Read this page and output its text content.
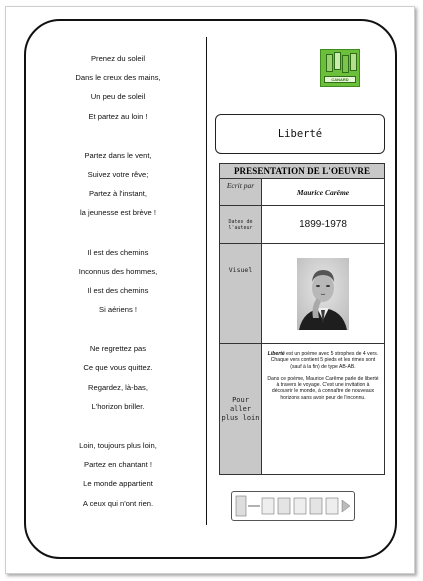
Prenez du soleil
Dans le creux des mains,
Un peu de soleil
Et partez au loin !
Partez dans le vent,
Suivez votre rêve;
Partez à l'instant,
la jeunesse est brève !
Il est des chemins
Inconnus des hommes,
Il est des chemins
Si aériens !
Ne regrettez pas
Ce que vous quittez.
Regardez, là-bas,
L'horizon briller.
Loin, toujours plus loin,
Partez en chantant !
Le monde appartient
A ceux qui n'ont rien.
CANARD
Liberté
PRESENTATION DE L'OEUVRE
Ecrit par
Maurice Carême
Dates de l'auteur	1899-1978
Visuel
Pour aller plus loin

Liberté est un poème avec 5 strophes de 4 vers. Chaque vers contient 5 pieds et les rimes sont (sauf à la fin) de type AB-AB.

Dans ce poème, Maurice Carême parle de liberté à travers le voyage. C'est une invitation à découvrir le monde, à connaître de nouveaux horizons sans avoir peur de l'inconnu.
